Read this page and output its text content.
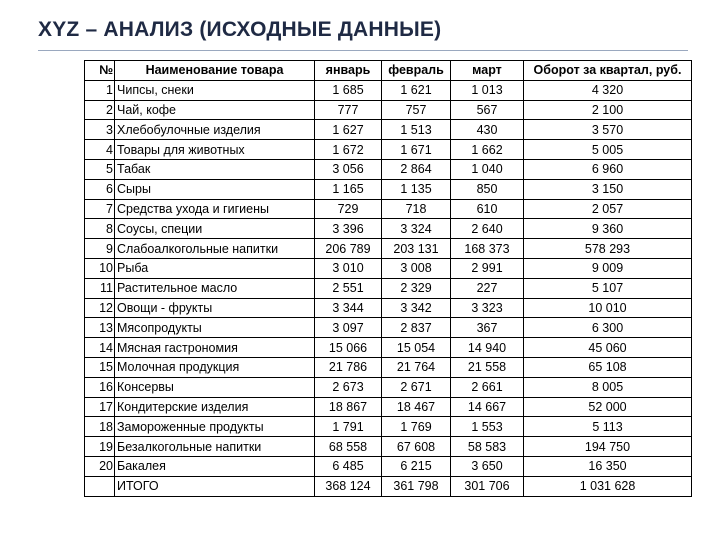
XYZ – АНАЛИЗ (ИСХОДНЫЕ ДАННЫЕ)
№	Наименование товара	январь	февраль	март	Оборот за квартал, руб.
1	Чипсы, снеки	1 685	1 621	1 013	4 320
2	Чай, кофе	777	757	567	2 100
3	Хлебобулочные изделия	1 627	1 513	430	3 570
4	Товары для животных	1 672	1 671	1 662	5 005
5	Табак	3 056	2 864	1 040	6 960
6	Сыры	1 165	1 135	850	3 150
7	Средства ухода и гигиены	729	718	610	2 057
8	Соусы, специи	3 396	3 324	2 640	9 360
9	Слабоалкогольные напитки	206 789	203 131	168 373	578 293
10	Рыба	3 010	3 008	2 991	9 009
11	Растительное масло	2 551	2 329	227	5 107
12	Овощи - фрукты	3 344	3 342	3 323	10 010
13	Мясопродукты	3 097	2 837	367	6 300
14	Мясная гастрономия	15 066	15 054	14 940	45 060
15	Молочная продукция	21 786	21 764	21 558	65 108
16	Консервы	2 673	2 671	2 661	8 005
17	Кондитерские изделия	18 867	18 467	14 667	52 000
18	Замороженные продукты	1 791	1 769	1 553	5 113
19	Безалкогольные напитки	68 558	67 608	58 583	194 750
20	Бакалея	6 485	6 215	3 650	16 350
	ИТОГО	368 124	361 798	301 706	1 031 628
